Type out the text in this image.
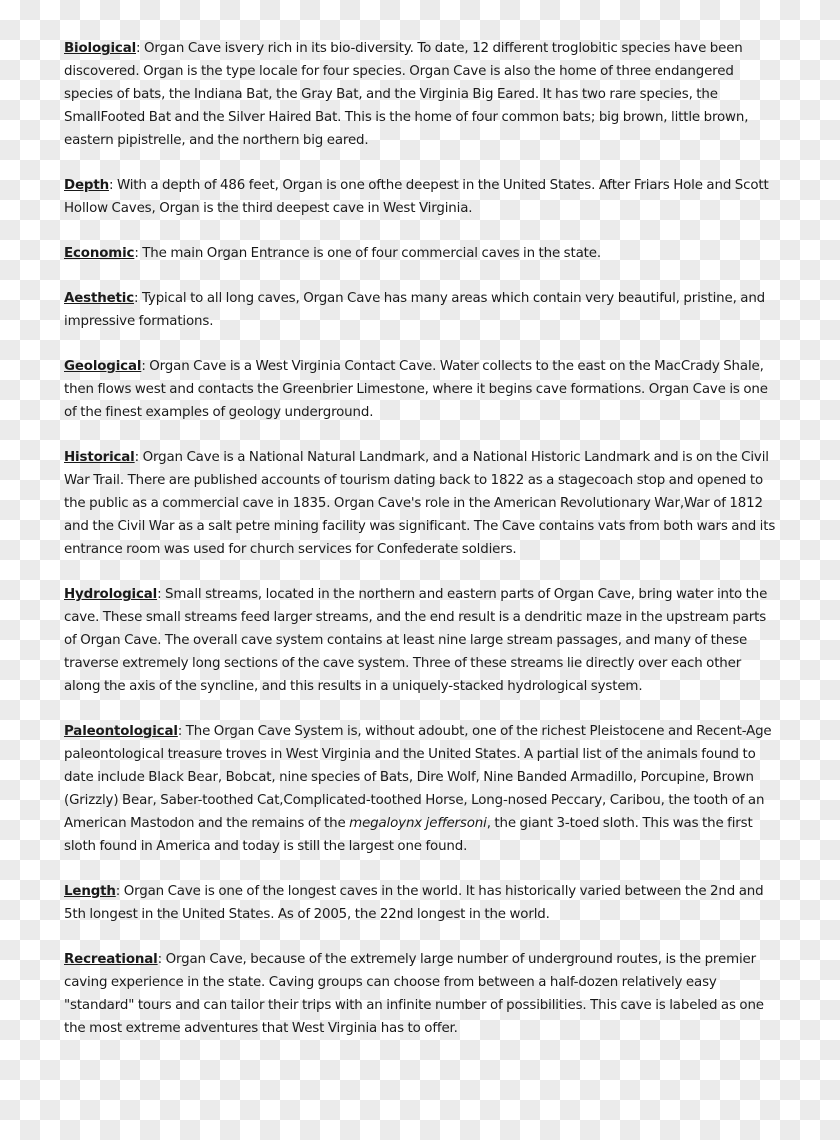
Biological: Organ Cave isvery rich in its bio-diversity. To date, 12 different troglobitic species have been discovered. Organ is the type locale for four species. Organ Cave is also the home of three endangered species of bats, the Indiana Bat, the Gray Bat, and the Virginia Big Eared. It has two rare species, the SmallFooted Bat and the Silver Haired Bat. This is the home of four common bats; big brown, little brown, eastern pipistrelle, and the northern big eared.

Depth: With a depth of 486 feet, Organ is one ofthe deepest in the United States. After Friars Hole and Scott Hollow Caves, Organ is the third deepest cave in West Virginia.

Economic: The main Organ Entrance is one of four commercial caves in the state.

Aesthetic: Typical to all long caves, Organ Cave has many areas which contain very beautiful, pristine, and impressive formations.

Geological: Organ Cave is a West Virginia Contact Cave. Water collects to the east on the MacCrady Shale, then flows west and contacts the Greenbrier Limestone, where it begins cave formations. Organ Cave is one of the finest examples of geology underground.

Historical: Organ Cave is a National Natural Landmark, and a National Historic Landmark and is on the Civil War Trail. There are published accounts of tourism dating back to 1822 as a stagecoach stop and opened to the public as a commercial cave in 1835. Organ Cave's role in the American Revolutionary War,War of 1812 and the Civil War as a salt petre mining facility was significant. The Cave contains vats from both wars and its entrance room was used for church services for Confederate soldiers.

Hydrological: Small streams, located in the northern and eastern parts of Organ Cave, bring water into the cave. These small streams feed larger streams, and the end result is a dendritic maze in the upstream parts of Organ Cave. The overall cave system contains at least nine large stream passages, and many of these traverse extremely long sections of the cave system. Three of these streams lie directly over each other along the axis of the syncline, and this results in a uniquely-stacked hydrological system.

Paleontological: The Organ Cave System is, without adoubt, one of the richest Pleistocene and Recent-Age paleontological treasure troves in West Virginia and the United States. A partial list of the animals found to date include Black Bear, Bobcat, nine species of Bats, Dire Wolf, Nine Banded Armadillo, Porcupine, Brown (Grizzly) Bear, Saber-toothed Cat,Complicated-toothed Horse, Long-nosed Peccary, Caribou, the tooth of an American Mastodon and the remains of the megaloynx jeffersoni, the giant 3-toed sloth. This was the first sloth found in America and today is still the largest one found.

Length: Organ Cave is one of the longest caves in the world. It has historically varied between the 2nd and 5th longest in the United States. As of 2005, the 22nd longest in the world.

Recreational: Organ Cave, because of the extremely large number of underground routes, is the premier caving experience in the state. Caving groups can choose from between a half-dozen relatively easy "standard" tours and can tailor their trips with an infinite number of possibilities. This cave is labeled as one the most extreme adventures that West Virginia has to offer.
